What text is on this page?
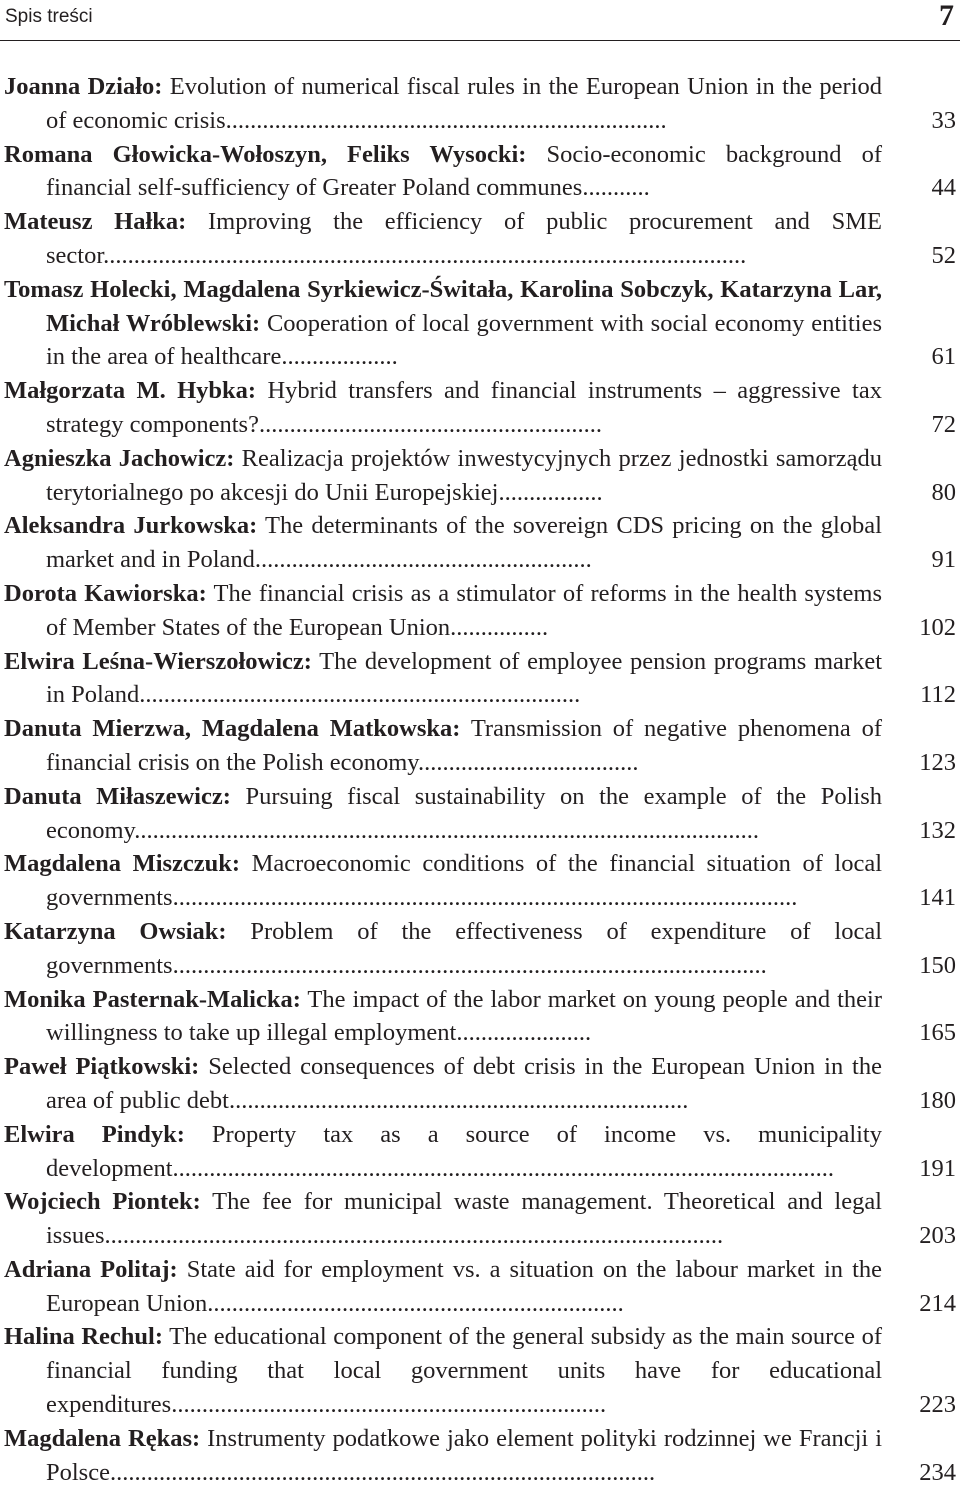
Spis treści	7
Joanna Działo: Evolution of numerical fiscal rules in the European Union in the period of economic crisis........................................................................	33
Romana Głowicka-Wołoszyn, Feliks Wysocki: Socio-economic background of financial self-sufficiency of Greater Poland communes...........	44
Mateusz Hałka: Improving the efficiency of public procurement and SME sector.........................................................................................................	52
Tomasz Holecki, Magdalena Syrkiewicz-Świtała, Karolina Sobczyk, Katarzyna Lar, Michał Wróblewski: Cooperation of local government with social economy entities in the area of healthcare...................	61
Małgorzata M. Hybka: Hybrid transfers and financial instruments – aggressive tax strategy components?........................................................	72
Agnieszka Jachowicz: Realizacja projektów inwestycyjnych przez jednostki samorządu terytorialnego po akcesji do Unii Europejskiej.................	80
Aleksandra Jurkowska: The determinants of the sovereign CDS pricing on the global market and in Poland.......................................................	91
Dorota Kawiorska: The financial crisis as a stimulator of reforms in the health systems of Member States of the European Union................	102
Elwira Leśna-Wierszołowicz: The development of employee pension programs market in Poland........................................................................	112
Danuta Mierzwa, Magdalena Matkowska: Transmission of negative phenomena of financial crisis on the Polish economy....................................	123
Danuta Miłaszewicz: Pursuing fiscal sustainability on the example of the Polish economy......................................................................................................	132
Magdalena Miszczuk: Macroeconomic conditions of the financial situation of local governments......................................................................................................	141
Katarzyna Owsiak: Problem of the effectiveness of expenditure of local governments.................................................................................................	150
Monika Pasternak-Malicka: The impact of the labor market on young people and their willingness to take up illegal employment......................	165
Paweł Piątkowski: Selected consequences of debt crisis in the European Union in the area of public debt...........................................................................	180
Elwira Pindyk: Property tax as a source of income vs. municipality development............................................................................................................	191
Wojciech Piontek: The fee for municipal waste management. Theoretical and legal issues.....................................................................................................	203
Adriana Politaj: State aid for employment vs. a situation on the labour market in the European Union....................................................................	214
Halina Rechul: The educational component of the general subsidy as the main source of financial funding that local government units have for educational expenditures.......................................................................	223
Magdalena Rękas: Instrumenty podatkowe jako element polityki rodzinnej we Francji i Polsce.........................................................................................	234
